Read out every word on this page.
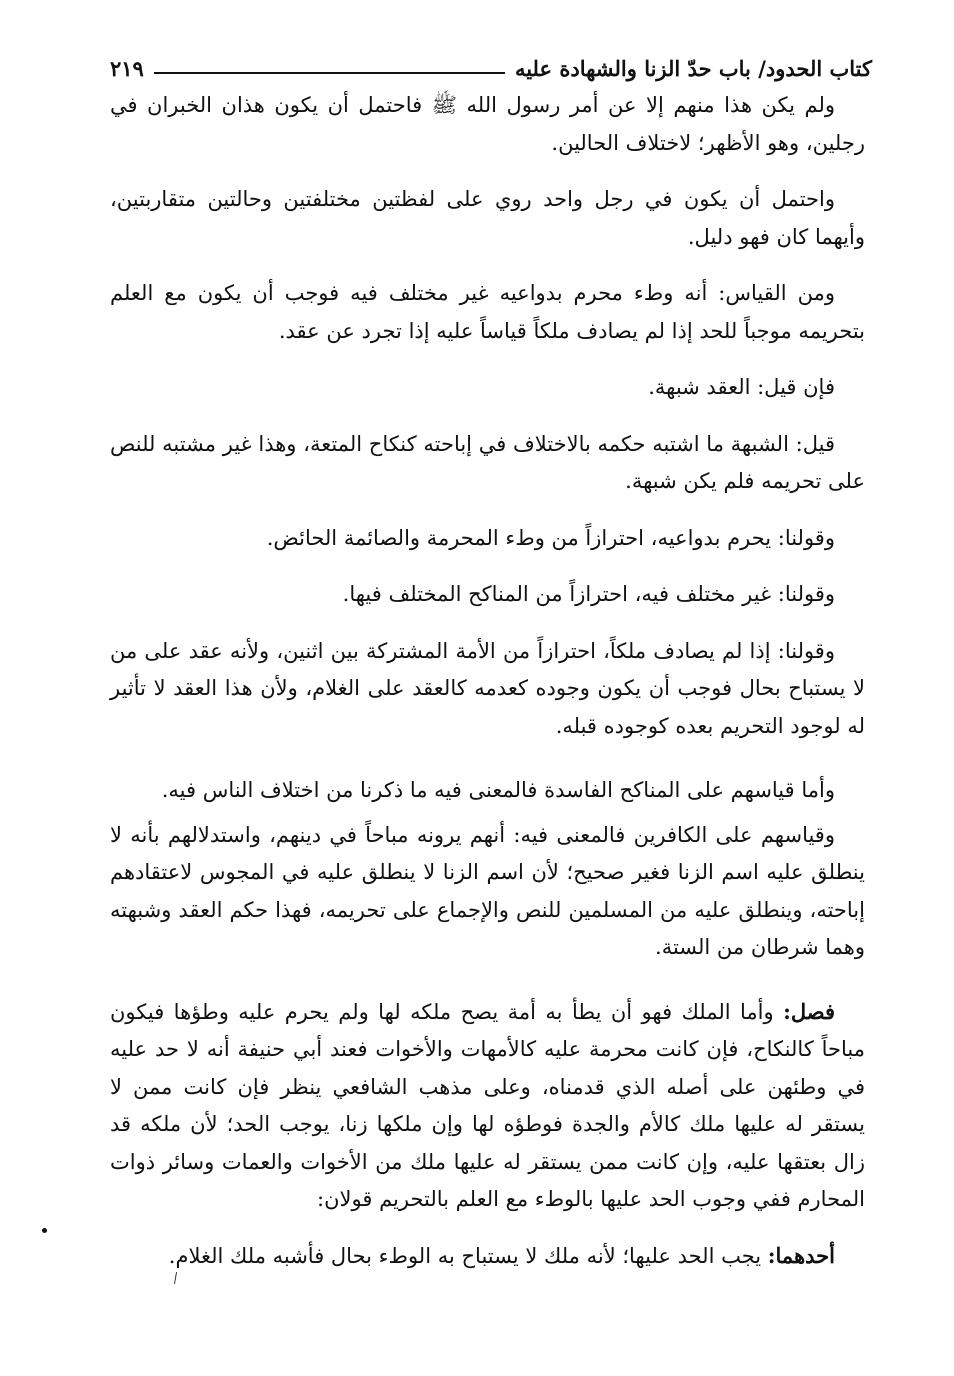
كتاب الحدود/ باب حدّ الزنا والشهادة عليه
٢١٩

ولم يكن هذا منهم إلا عن أمر رسول الله ﷺ فاحتمل أن يكون هذان الخبران في رجلين، وهو الأظهر؛ لاختلاف الحالين.

واحتمل أن يكون في رجل واحد روي على لفظتين مختلفتين وحالتين متقاربتين، وأيهما كان فهو دليل.

ومن القياس: أنه وطء محرم بدواعيه غير مختلف فيه فوجب أن يكون مع العلم بتحريمه موجباً للحد إذا لم يصادف ملكاً قياساً عليه إذا تجرد عن عقد.

فإن قيل: العقد شبهة.

قيل: الشبهة ما اشتبه حكمه بالاختلاف في إباحته كنكاح المتعة، وهذا غير مشتبه للنص على تحريمه فلم يكن شبهة.

وقولنا: يحرم بدواعيه، احترازاً من وطء المحرمة والصائمة الحائض.

وقولنا: غير مختلف فيه، احترازاً من المناكح المختلف فيها.

وقولنا: إذا لم يصادف ملكاً، احترازاً من الأمة المشتركة بين اثنين، ولأنه عقد على من لا يستباح بحال فوجب أن يكون وجوده كعدمه كالعقد على الغلام، ولأن هذا العقد لا تأثير له لوجود التحريم بعده كوجوده قبله.

وأما قياسهم على المناكح الفاسدة فالمعنى فيه ما ذكرنا من اختلاف الناس فيه.

وقياسهم على الكافرين فالمعنى فيه: أنهم يرونه مباحاً في دينهم، واستدلالهم بأنه لا ينطلق عليه اسم الزنا فغير صحيح؛ لأن اسم الزنا لا ينطلق عليه في المجوس لاعتقادهم إباحته، وينطلق عليه من المسلمين للنص والإجماع على تحريمه، فهذا حكم العقد وشبهته وهما شرطان من الستة.

فصل: وأما الملك فهو أن يطأ به أمة يصح ملكه لها ولم يحرم عليه وطؤها فيكون مباحاً كالنكاح، فإن كانت محرمة عليه كالأمهات والأخوات فعند أبي حنيفة أنه لا حد عليه في وطئهن على أصله الذي قدمناه، وعلى مذهب الشافعي ينظر فإن كانت ممن لا يستقر له عليها ملك كالأم والجدة فوطؤه لها وإن ملكها زنا، يوجب الحد؛ لأن ملكه قد زال بعتقها عليه، وإن كانت ممن يستقر له عليها ملك من الأخوات والعمات وسائر ذوات المحارم ففي وجوب الحد عليها بالوطء مع العلم بالتحريم قولان:

أحدهما: يجب الحد عليها؛ لأنه ملك لا يستباح به الوطء بحال فأشبه ملك الغلام.
